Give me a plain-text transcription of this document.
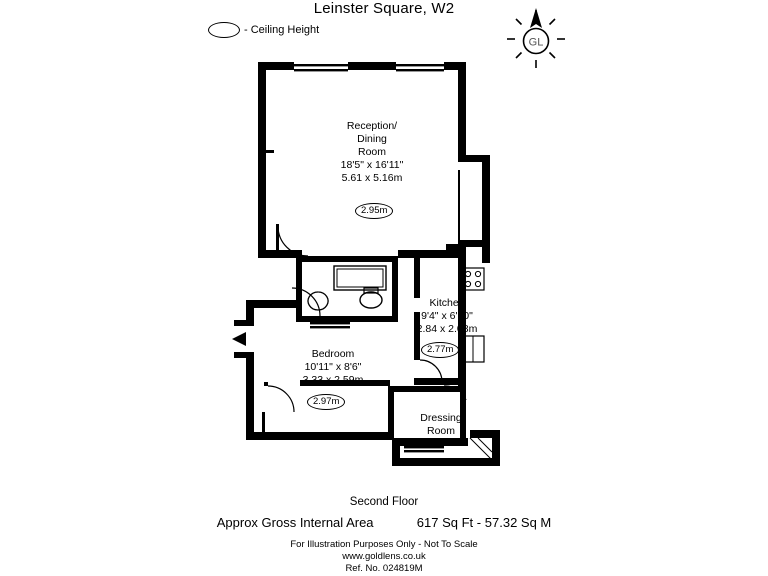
Leinster Square, W2
- Ceiling Height
GL
Reception/
Dining
Room
18'5" x 16'11"
5.61 x 5.16m
2.95m
Kitchen
9'4" x 6'10"
2.84 x 2.08m
2.77m
Bedroom
10'11" x 8'6"
3.33 x 2.59m
2.97m
Dressing
Room
Second Floor
Approx Gross Internal Area	617 Sq Ft - 57.32 Sq M
For Illustration Purposes Only - Not To Scale
www.goldlens.co.uk
Ref. No. 024819M
